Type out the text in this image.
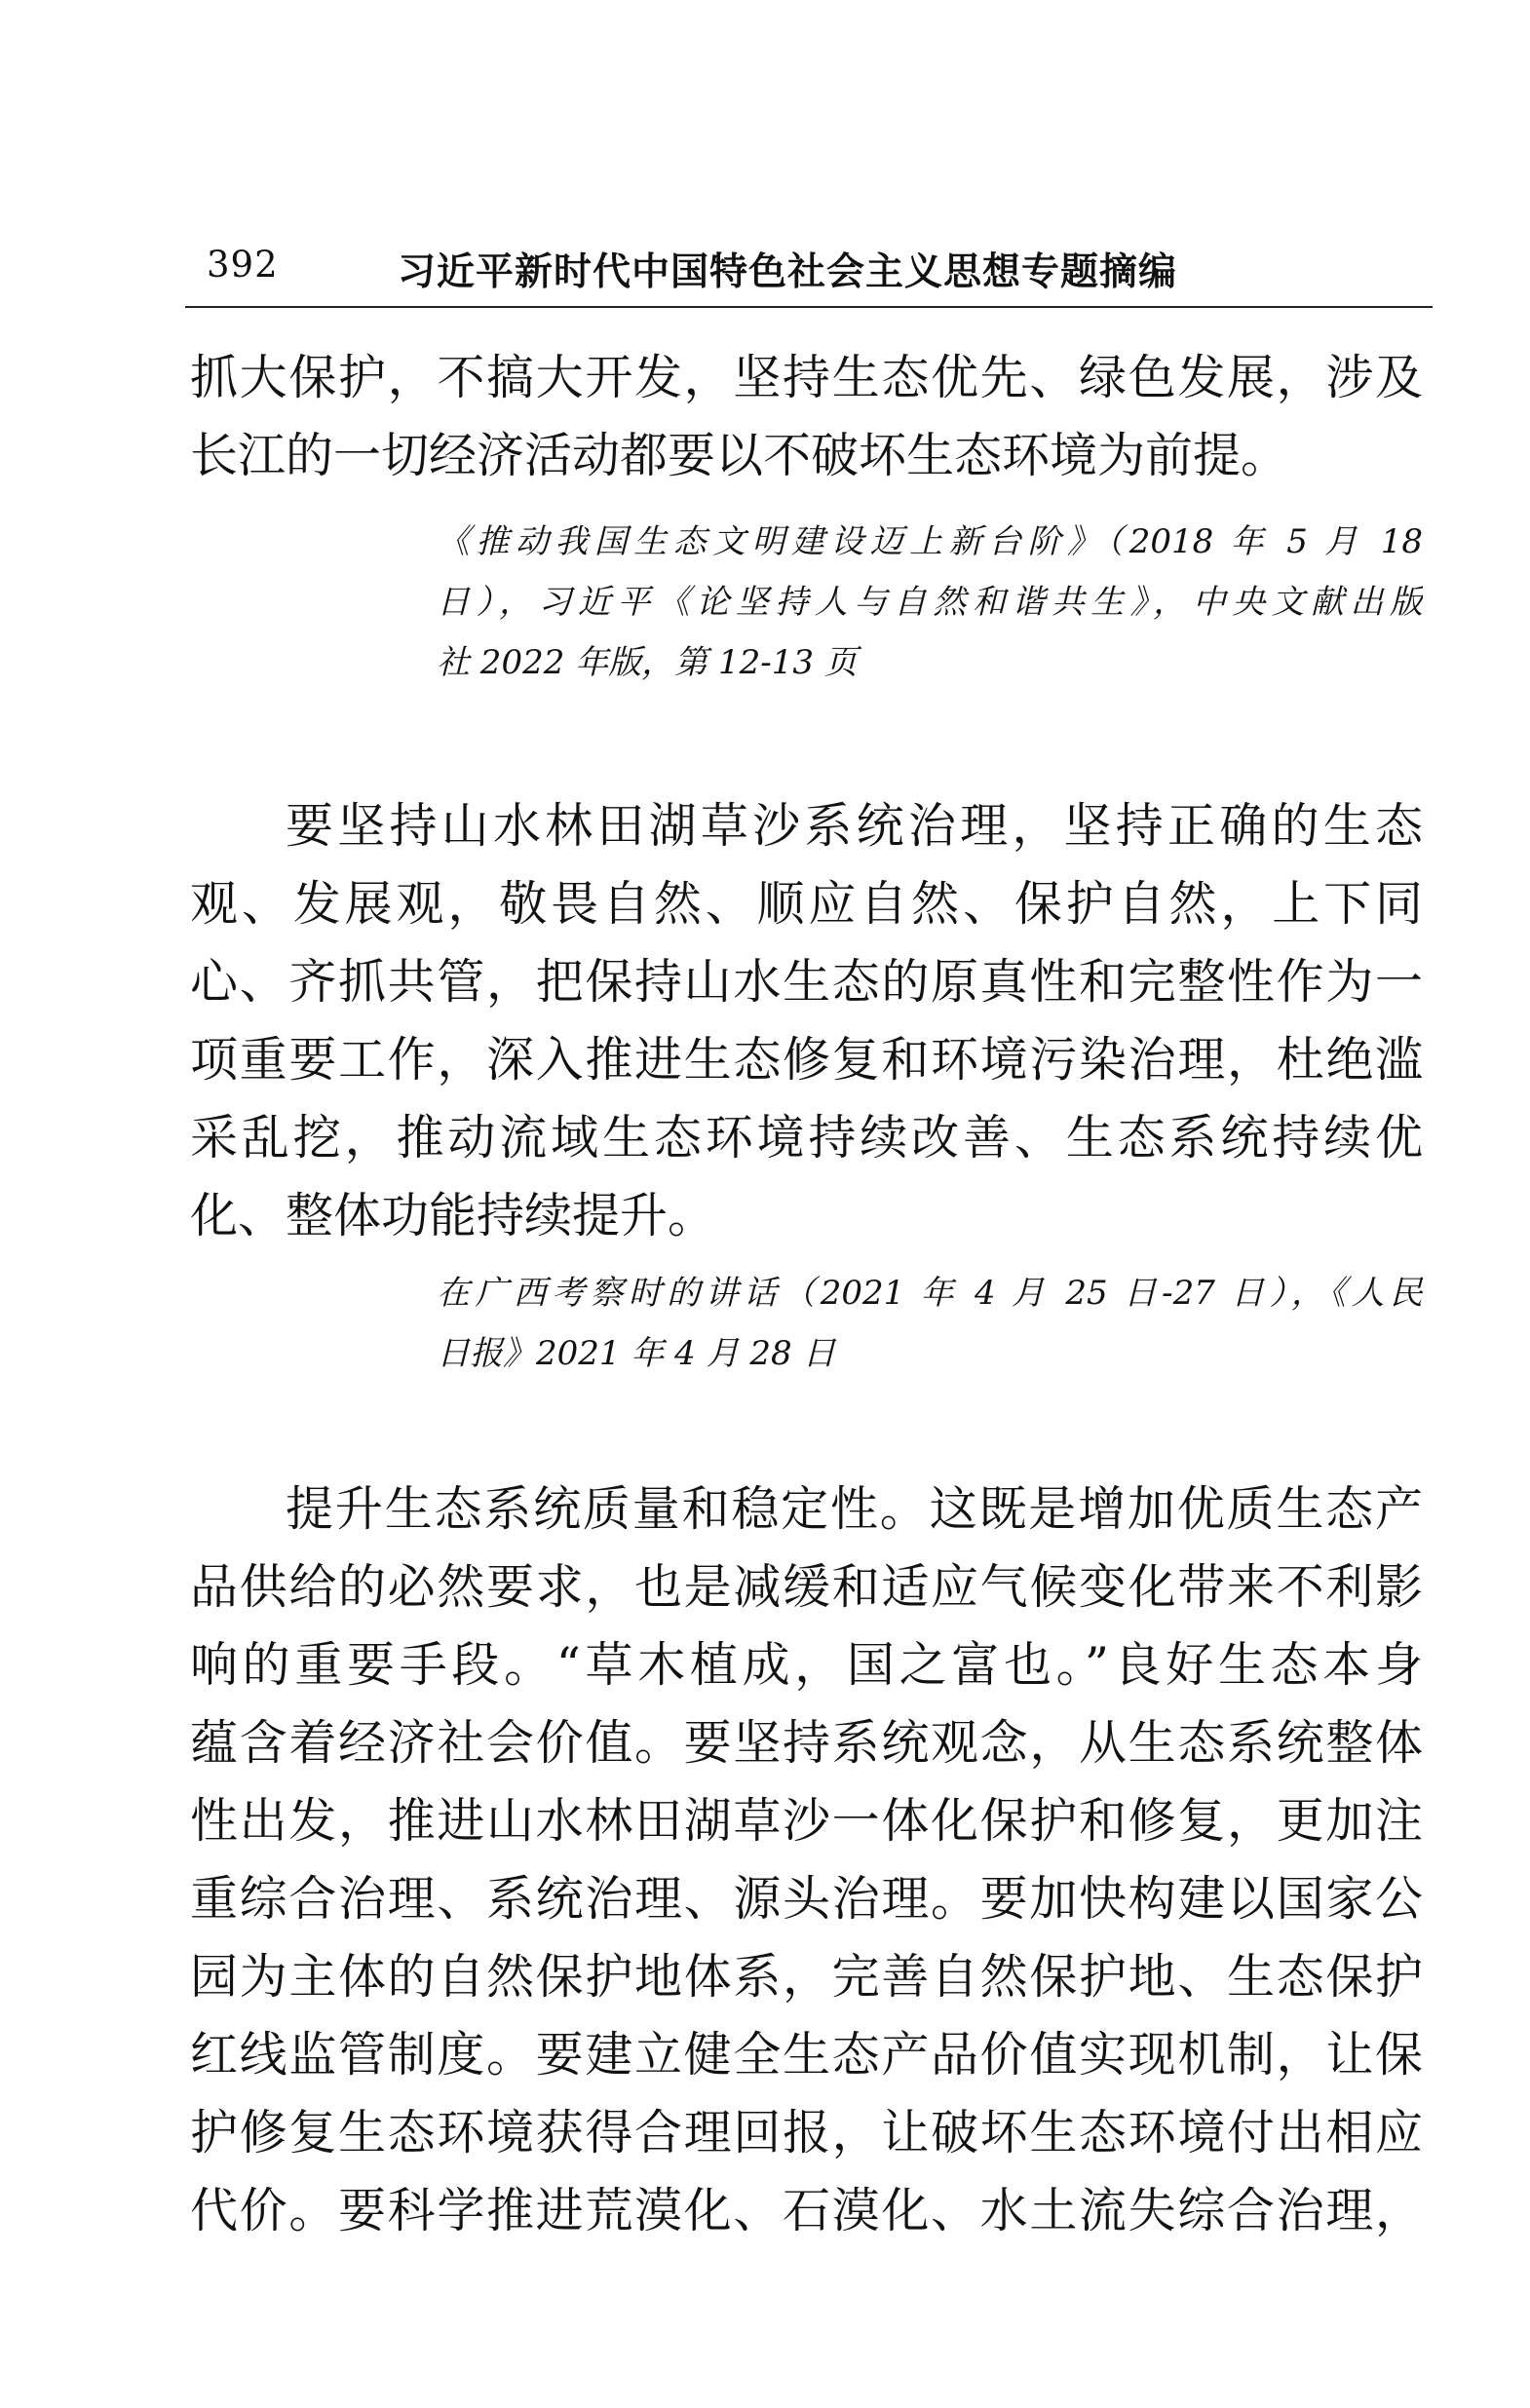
392	习近平新时代中国特色社会主义思想专题摘编
抓大保护，不搞大开发，坚持生态优先、绿色发展，涉及
长江的一切经济活动都要以不破坏生态环境为前提。
《推动我国生态文明建设迈上新台阶》（2018 年 5 月 18
日），习近平《论坚持人与自然和谐共生》，中央文献出版
社 2022 年版，第 12-13 页
要坚持山水林田湖草沙系统治理，坚持正确的生态
观、发展观，敬畏自然、顺应自然、保护自然，上下同
心、齐抓共管，把保持山水生态的原真性和完整性作为一
项重要工作，深入推进生态修复和环境污染治理，杜绝滥
采乱挖，推动流域生态环境持续改善、生态系统持续优
化、整体功能持续提升。
在广西考察时的讲话（2021 年 4 月 25 日-27 日），《人民
日报》2021 年 4 月 28 日
提升生态系统质量和稳定性。这既是增加优质生态产
品供给的必然要求，也是减缓和适应气候变化带来不利影
响的重要手段。“草木植成，国之富也。”良好生态本身
蕴含着经济社会价值。要坚持系统观念，从生态系统整体
性出发，推进山水林田湖草沙一体化保护和修复，更加注
重综合治理、系统治理、源头治理。要加快构建以国家公
园为主体的自然保护地体系，完善自然保护地、生态保护
红线监管制度。要建立健全生态产品价值实现机制，让保
护修复生态环境获得合理回报，让破坏生态环境付出相应
代价。要科学推进荒漠化、石漠化、水土流失综合治理，
